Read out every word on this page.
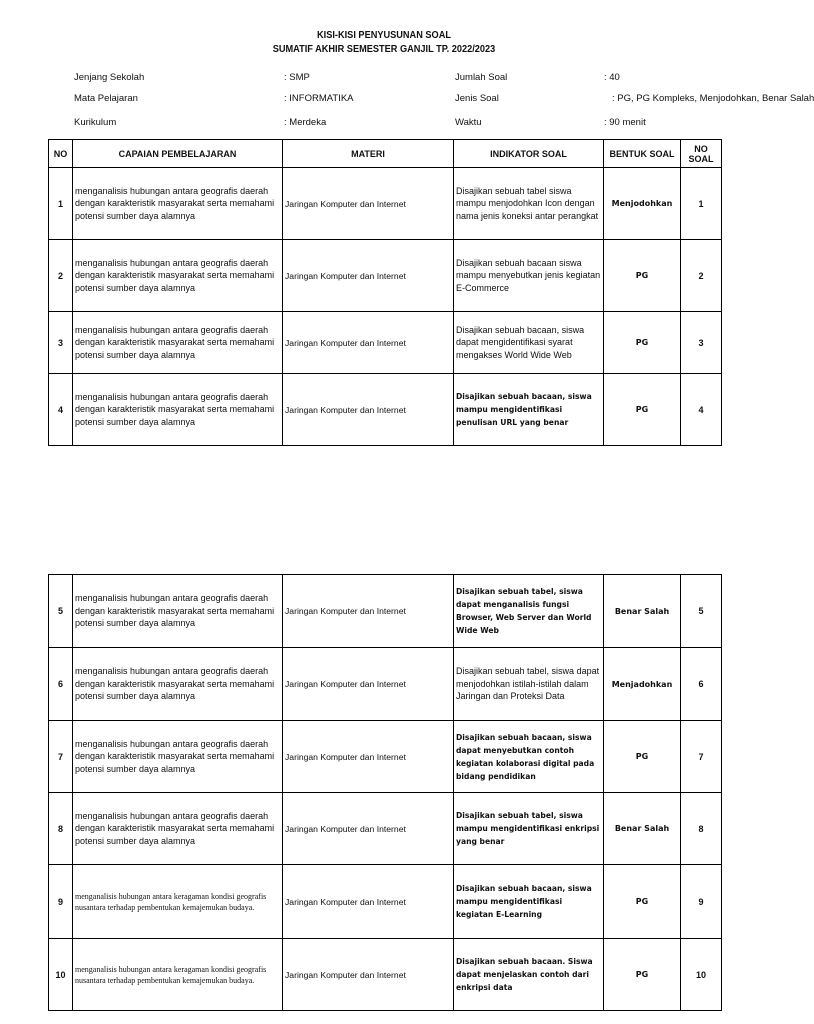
KISI-KISI PENYUSUNAN SOAL
SUMATIF AKHIR SEMESTER GANJIL TP. 2022/2023
Jenjang Sekolah	: SMP	Jumlah Soal	: 40
Mata Pelajaran	: INFORMATIKA	Jenis Soal	: PG, PG Kompleks, Menjodohkan, Benar Salah
Kurikulum	: Merdeka	Waktu	: 90 menit
NO	CAPAIAN PEMBELAJARAN	MATERI	INDIKATOR SOAL	BENTUK SOAL	NO SOAL
1	menganalisis hubungan antara geografis daerah dengan karakteristik masyarakat serta memahami potensi sumber daya alamnya	Jaringan Komputer dan Internet	Disajikan sebuah tabel siswa mampu menjodohkan Icon dengan nama jenis koneksi antar perangkat	Menjodohkan	1
2	menganalisis hubungan antara geografis daerah dengan karakteristik masyarakat serta memahami potensi sumber daya alamnya	Jaringan Komputer dan Internet	Disajikan sebuah bacaan siswa mampu menyebutkan jenis kegiatan E-Commerce	PG	2
3	menganalisis hubungan antara geografis daerah dengan karakteristik masyarakat serta memahami potensi sumber daya alamnya	Jaringan Komputer dan Internet	Disajikan sebuah bacaan, siswa dapat mengidentifikasi syarat mengakses World Wide Web	PG	3
4	menganalisis hubungan antara geografis daerah dengan karakteristik masyarakat serta memahami potensi sumber daya alamnya	Jaringan Komputer dan Internet	Disajikan sebuah bacaan, siswa mampu mengidentifikasi penulisan URL yang benar	PG	4
5	menganalisis hubungan antara geografis daerah dengan karakteristik masyarakat serta memahami potensi sumber daya alamnya	Jaringan Komputer dan Internet	Disajikan sebuah tabel, siswa dapat menganalisis fungsi Browser, Web Server dan World Wide Web	Benar Salah	5
6	menganalisis hubungan antara geografis daerah dengan karakteristik masyarakat serta memahami potensi sumber daya alamnya	Jaringan Komputer dan Internet	Disajikan sebuah tabel, siswa dapat menjodohkan istilah-istilah dalam Jaringan dan Proteksi Data	Menjadohkan	6
7	menganalisis hubungan antara geografis daerah dengan karakteristik masyarakat serta memahami potensi sumber daya alamnya	Jaringan Komputer dan Internet	Disajikan sebuah bacaan, siswa dapat menyebutkan contoh kegiatan kolaborasi digital pada bidang pendidikan	PG	7
8	menganalisis hubungan antara geografis daerah dengan karakteristik masyarakat serta memahami potensi sumber daya alamnya	Jaringan Komputer dan Internet	Disajikan sebuah tabel, siswa mampu mengidentifikasi enkripsi yang benar	Benar Salah	8
9	menganalisis hubungan antara keragaman kondisi geografis nusantara terhadap pembentukan kemajemukan budaya.	Jaringan Komputer dan Internet	Disajikan sebuah bacaan, siswa mampu mengidentifikasi kegiatan E-Learning	PG	9
10	menganalisis hubungan antara keragaman kondisi geografis nusantara terhadap pembentukan kemajemukan budaya.	Jaringan Komputer dan Internet	Disajikan sebuah bacaan. Siswa dapat menjelaskan contoh dari enkripsi data	PG	10
